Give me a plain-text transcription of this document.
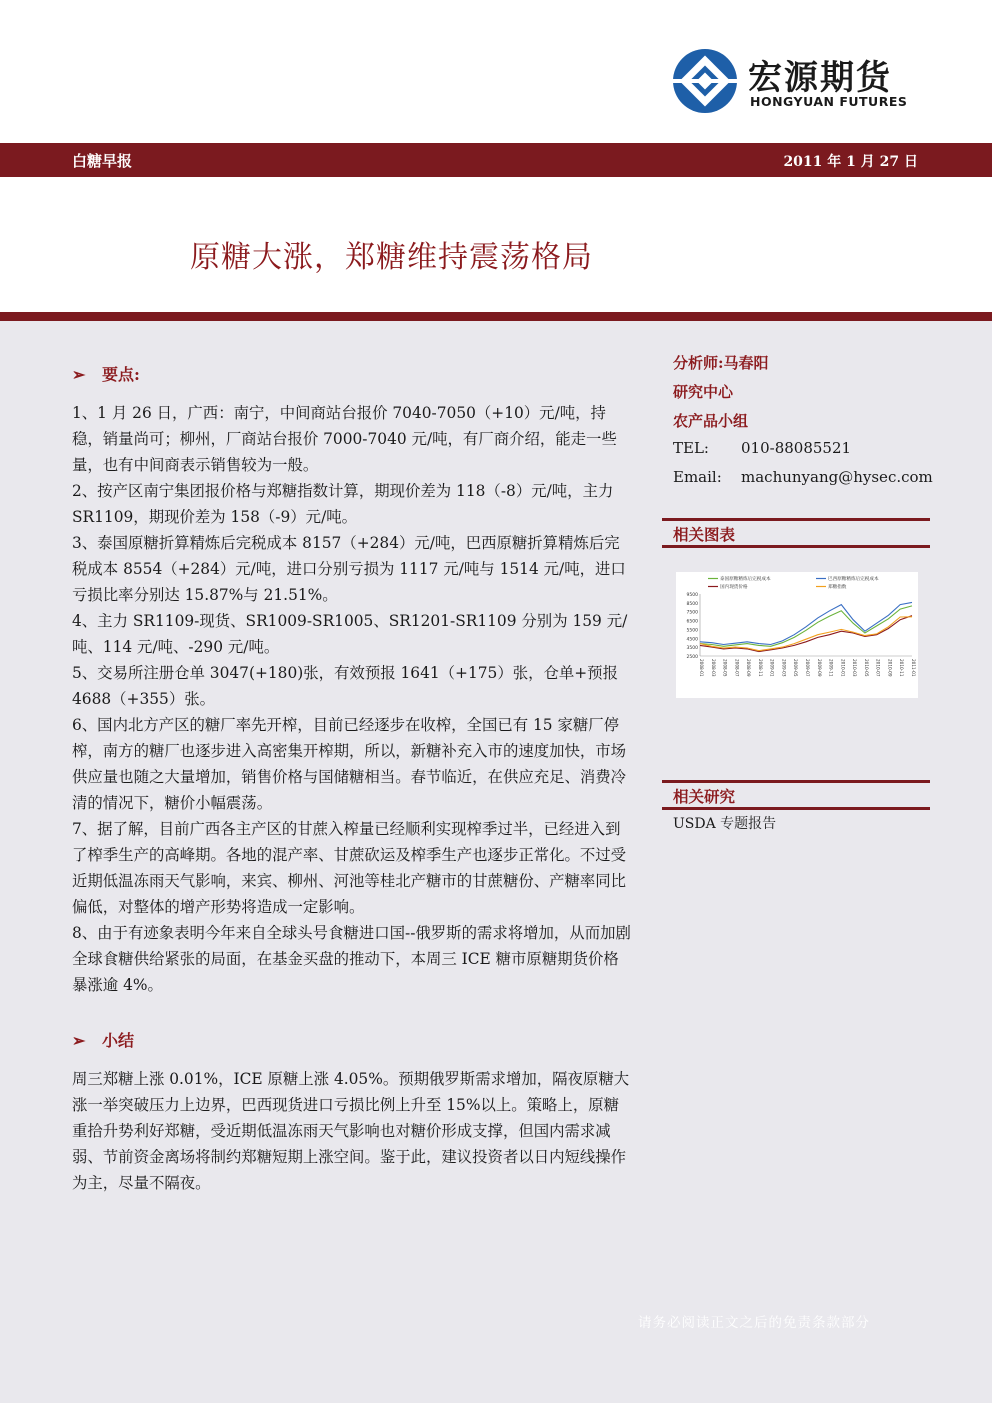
宏源期货
HONGYUAN FUTURES
白糖早报	2011 年 1 月 27 日
原糖大涨，郑糖维持震荡格局
➢ 要点:

1、1 月 26 日，广西：南宁，中间商站台报价 7040-7050（+10）元/吨，持稳，销量尚可；柳州，厂商站台报价 7000-7040 元/吨，有厂商介绍，能走一些量，也有中间商表示销售较为一般。

2、按产区南宁集团报价格与郑糖指数计算，期现价差为 118（-8）元/吨，主力 SR1109，期现价差为 158（-9）元/吨。

3、泰国原糖折算精炼后完税成本 8157（+284）元/吨，巴西原糖折算精炼后完税成本 8554（+284）元/吨，进口分别亏损为 1117 元/吨与 1514 元/吨，进口亏损比率分别达 15.87%与 21.51%。

4、主力 SR1109-现货、SR1009-SR1005、SR1201-SR1109 分别为 159 元/吨、114 元/吨、-290 元/吨。

5、交易所注册仓单 3047(+180)张，有效预报 1641（+175）张，仓单+预报 4688（+355）张。

6、国内北方产区的糖厂率先开榨，目前已经逐步在收榨，全国已有 15 家糖厂停榨，南方的糖厂也逐步进入高密集开榨期，所以，新糖补充入市的速度加快，市场供应量也随之大量增加，销售价格与国储糖相当。春节临近，在供应充足、消费冷清的情况下，糖价小幅震荡。

7、据了解，目前广西各主产区的甘蔗入榨量已经顺利实现榨季过半，已经进入到了榨季生产的高峰期。各地的混产率、甘蔗砍运及榨季生产也逐步正常化。不过受近期低温冻雨天气影响，来宾、柳州、河池等桂北产糖市的甘蔗糖份、产糖率同比偏低，对整体的增产形势将造成一定影响。

8、由于有迹象表明今年来自全球头号食糖进口国--俄罗斯的需求将增加，从而加剧全球食糖供给紧张的局面，在基金买盘的推动下，本周三 ICE 糖市原糖期货价格暴涨逾 4%。

➢ 小结

周三郑糖上涨 0.01%，ICE 原糖上涨 4.05%。预期俄罗斯需求增加，隔夜原糖大涨一举突破压力上边界，巴西现货进口亏损比例上升至 15%以上。策略上，原糖重拾升势利好郑糖，受近期低温冻雨天气影响也对糖价形成支撑，但国内需求减弱、节前资金离场将制约郑糖短期上涨空间。鉴于此，建议投资者以日内短线操作为主，尽量不隔夜。

分析师:马春阳
研究中心
农产品小组
TEL: 010-88085521
Email: machunyang@hysec.com
相关图表
9500
8500
7500
6500
5500
4500
3500
2500
2008-01 2008-03 2008-05 2008-07 2008-09 2008-11 2009-01 2009-03 2009-05 2009-07 2009-09 2009-11 2010-01 2010-03 2010-05 2010-07 2010-09 2010-11 2011-01
泰国原糖精炼后完税成本	巴西原糖精炼后完税成本
国内现货价格	郑糖指数
相关研究
USDA 专题报告
请务必阅读正文之后的免责条款部分
